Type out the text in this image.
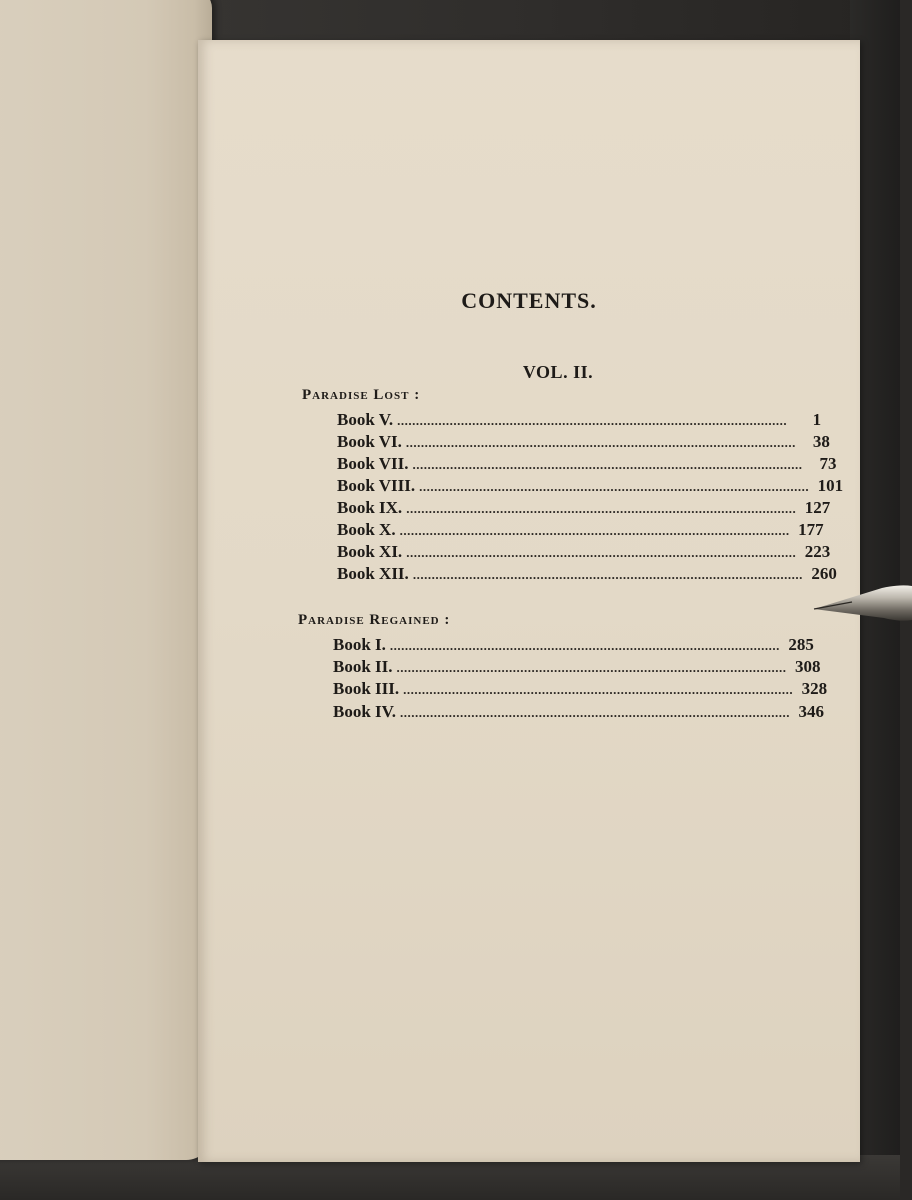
CONTENTS.
VOL. II.
Paradise Lost :
Book V. ........................................................................................................	1
Book VI. ........................................................................................................	38
Book VII. ........................................................................................................	73
Book VIII. ........................................................................................................ 101
Book IX. ........................................................................................................ 127
Book X. ........................................................................................................ 177
Book XI. ........................................................................................................ 223
Book XII. ........................................................................................................ 260
Paradise Regained :
Book I. ........................................................................................................ 285
Book II. ........................................................................................................ 308
Book III. ........................................................................................................ 328
Book IV. ........................................................................................................ 346
